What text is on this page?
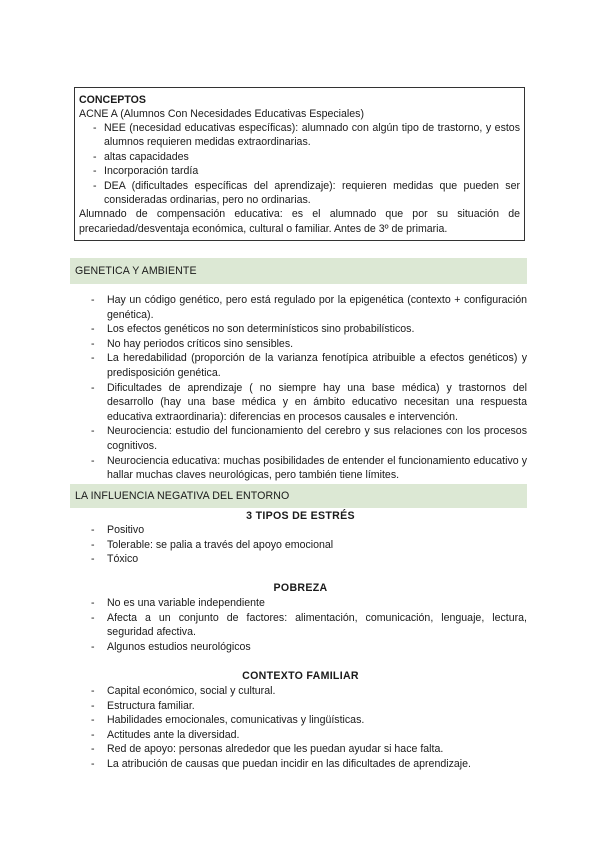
CONCEPTOS
ACNE A (Alumnos Con Necesidades Educativas Especiales)
- NEE (necesidad educativas específicas): alumnado con algún tipo de trastorno, y estos alumnos requieren medidas extraordinarias.
- altas capacidades
- Incorporación tardía
- DEA (dificultades específicas del aprendizaje): requieren medidas que pueden ser consideradas ordinarias, pero no ordinarias.
Alumnado de compensación educativa: es el alumnado que por su situación de precariedad/desventaja económica, cultural o familiar. Antes de 3º de primaria.
GENETICA Y AMBIENTE
- Hay un código genético, pero está regulado por la epigenética (contexto + configuración genética).
- Los efectos genéticos no son determinísticos sino probabilísticos.
- No hay periodos críticos sino sensibles.
- La heredabilidad (proporción de la varianza fenotípica atribuible a efectos genéticos) y predisposición genética.
- Dificultades de aprendizaje ( no siempre hay una base médica) y trastornos del desarrollo (hay una base médica y en ámbito educativo necesitan una respuesta educativa extraordinaria): diferencias en procesos causales e intervención.
- Neurociencia: estudio del funcionamiento del cerebro y sus relaciones con los procesos cognitivos.
- Neurociencia educativa: muchas posibilidades de entender el funcionamiento educativo y hallar muchas claves neurológicas, pero también tiene límites.
LA INFLUENCIA NEGATIVA DEL ENTORNO
3 TIPOS DE ESTRÉS
- Positivo
- Tolerable: se palia a través del apoyo emocional
- Tóxico
POBREZA
- No es una variable independiente
- Afecta a un conjunto de factores: alimentación, comunicación, lenguaje, lectura, seguridad afectiva.
- Algunos estudios neurológicos
CONTEXTO FAMILIAR
- Capital económico, social y cultural.
- Estructura familiar.
- Habilidades emocionales, comunicativas y lingüísticas.
- Actitudes ante la diversidad.
- Red de apoyo: personas alrededor que les puedan ayudar si hace falta.
- La atribución de causas que puedan incidir en las dificultades de aprendizaje.
